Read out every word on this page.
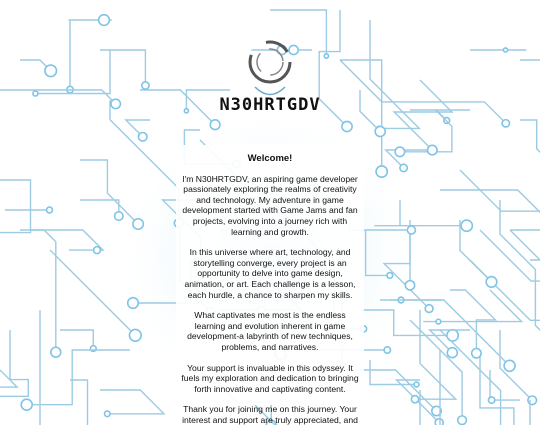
N30HRTGDV
Welcome!

I'm N30HRTGDV, an aspiring game developer passionately exploring the realms of creativity and technology. My adventure in game development started with Game Jams and fan projects, evolving into a journey rich with learning and growth.

In this universe where art, technology, and storytelling converge, every project is an opportunity to delve into game design, animation, or art. Each challenge is a lesson, each hurdle, a chance to sharpen my skills.

What captivates me most is the endless learning and evolution inherent in game development-a labyrinth of new techniques, problems, and narratives.

Your support is invaluable in this odyssey. It fuels my exploration and dedication to bringing forth innovative and captivating content.

Thank you for joining me on this journey. Your interest and support are truly appreciated, and
